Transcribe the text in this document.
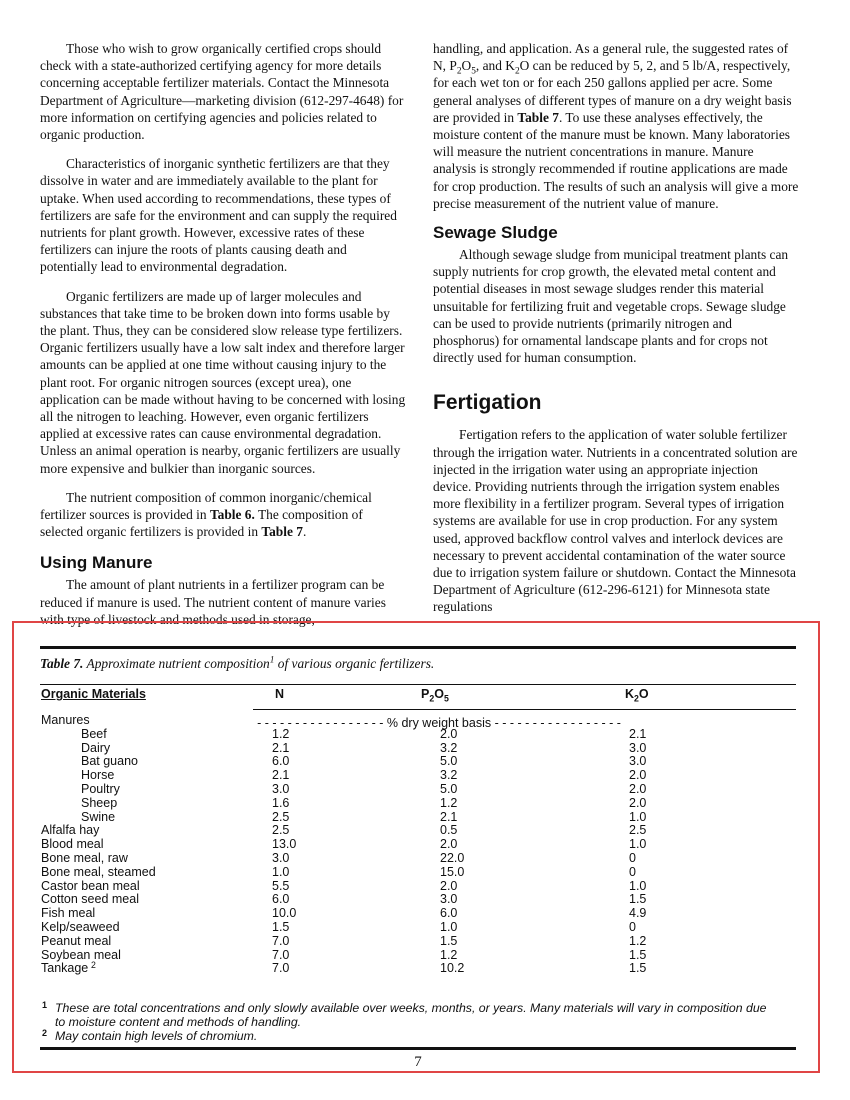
Those who wish to grow organically certified crops should check with a state-authorized certifying agency for more details concerning acceptable fertilizer materials. Contact the Minnesota Department of Agriculture—marketing division (612-297-4648) for more information on certifying agencies and policies related to organic production.

Characteristics of inorganic synthetic fertilizers are that they dissolve in water and are immediately available to the plant for uptake. When used according to recommendations, these types of fertilizers are safe for the environment and can supply the required nutrients for plant growth. However, excessive rates of these fertilizers can injure the roots of plants causing death and potentially lead to environmental degradation.

Organic fertilizers are made up of larger molecules and substances that take time to be broken down into forms usable by the plant. Thus, they can be considered slow release type fertilizers. Organic fertilizers usually have a low salt index and therefore larger amounts can be applied at one time without causing injury to the plant root. For organic nitrogen sources (except urea), one application can be made without having to be concerned with losing all the nitrogen to leaching. However, even organic fertilizers applied at excessive rates can cause environmental degradation. Unless an animal operation is nearby, organic fertilizers are usually more expensive and bulkier than inorganic sources.

The nutrient composition of common inorganic/chemical fertilizer sources is provided in Table 6. The composition of selected organic fertilizers is provided in Table 7.

Using Manure

The amount of plant nutrients in a fertilizer program can be reduced if manure is used. The nutrient content of manure varies with type of livestock and methods used in storage,

handling, and application. As a general rule, the suggested rates of N, $P_2O_5$, and $K_2O$ can be reduced by 5, 2, and 5 lb/A, respectively, for each wet ton or for each 250 gallons applied per acre. Some general analyses of different types of manure on a dry weight basis are provided in Table 7. To use these analyses effectively, the moisture content of the manure must be known. Many laboratories will measure the nutrient concentrations in manure. Manure analysis is strongly recommended if routine applications are made for crop production. The results of such an analysis will give a more precise measurement of the nutrient value of manure.

Sewage Sludge

Although sewage sludge from municipal treatment plants can supply nutrients for crop growth, the elevated metal content and potential diseases in most sewage sludges render this material unsuitable for fertilizing fruit and vegetable crops. Sewage sludge can be used to provide nutrients (primarily nitrogen and phosphorus) for ornamental landscape plants and for crops not directly used for human consumption.

Fertigation

Fertigation refers to the application of water soluble fertilizer through the irrigation water. Nutrients in a concentrated solution are injected in the irrigation water using an appropriate injection device. Providing nutrients through the irrigation system enables more flexibility in a fertilizer program. Several types of irrigation systems are available for use in crop production. For any system used, approved backflow control valves and interlock devices are necessary to prevent accidental contamination of the water source due to irrigation system failure or shutdown. Contact the Minnesota Department of Agriculture (612-296-6121) for Minnesota state regulations

Table 7. Approximate nutrient composition$^1$ of various organic fertilizers.
Organic Materials	N	$P_2O_5$	$K_2O$
- - - - - - - - - - - - - - - - - % dry weight basis - - - - - - - - - - - - - - - - -
Manures
Beef	1.2	2.0	2.1
Dairy	2.1	3.2	3.0
Bat guano	6.0	5.0	3.0
Horse	2.1	3.2	2.0
Poultry	3.0	5.0	2.0
Sheep	1.6	1.2	2.0
Swine	2.5	2.1	1.0
Alfalfa hay	2.5	0.5	2.5
Blood meal	13.0	2.0	1.0
Bone meal, raw	3.0	22.0	0
Bone meal, steamed	1.0	15.0	0
Castor bean meal	5.5	2.0	1.0
Cotton seed meal	6.0	3.0	1.5
Fish meal	10.0	6.0	4.9
Kelp/seaweed	1.5	1.0	0
Peanut meal	7.0	1.5	1.2
Soybean meal	7.0	1.2	1.5
Tankage 2	7.0	10.2	1.5
1 These are total concentrations and only slowly available over weeks, months, or years. Many materials will vary in composition due to moisture content and methods of handling.
2 May contain high levels of chromium.
7
